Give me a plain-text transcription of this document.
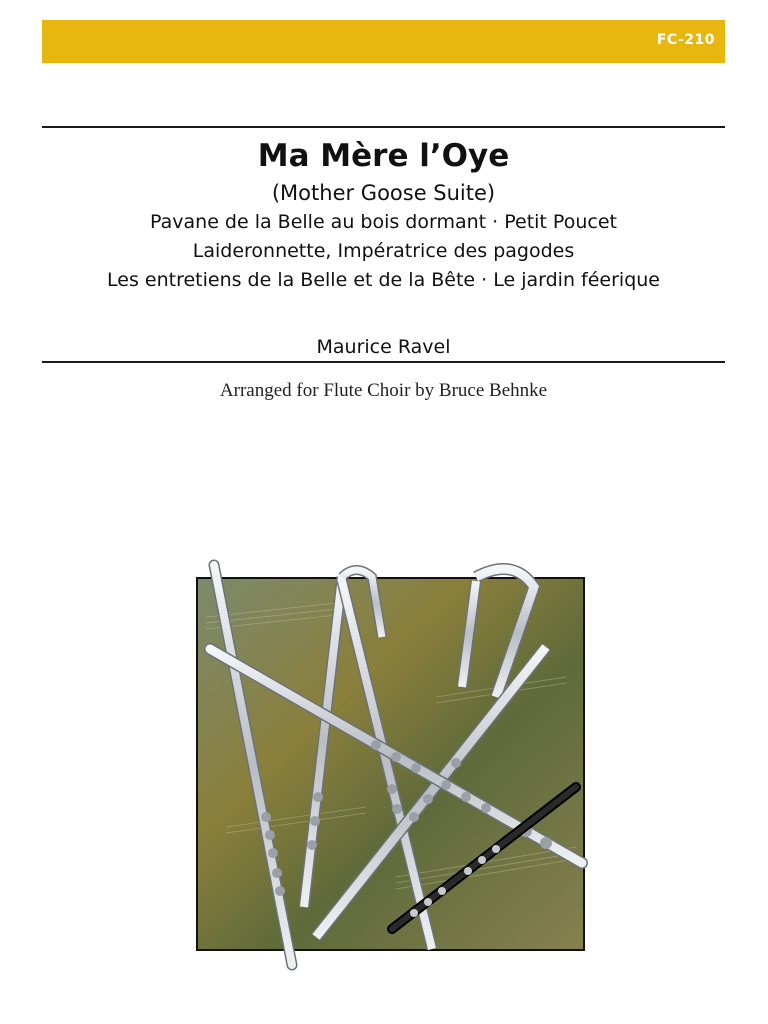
FC-210
Ma Mère l’Oye
(Mother Goose Suite)
Pavane de la Belle au bois dormant · Petit Poucet
Laideronnette, Impératrice des pagodes
Les entretiens de la Belle et de la Bête · Le jardin féerique
Maurice Ravel
Arranged for Flute Choir by Bruce Behnke
